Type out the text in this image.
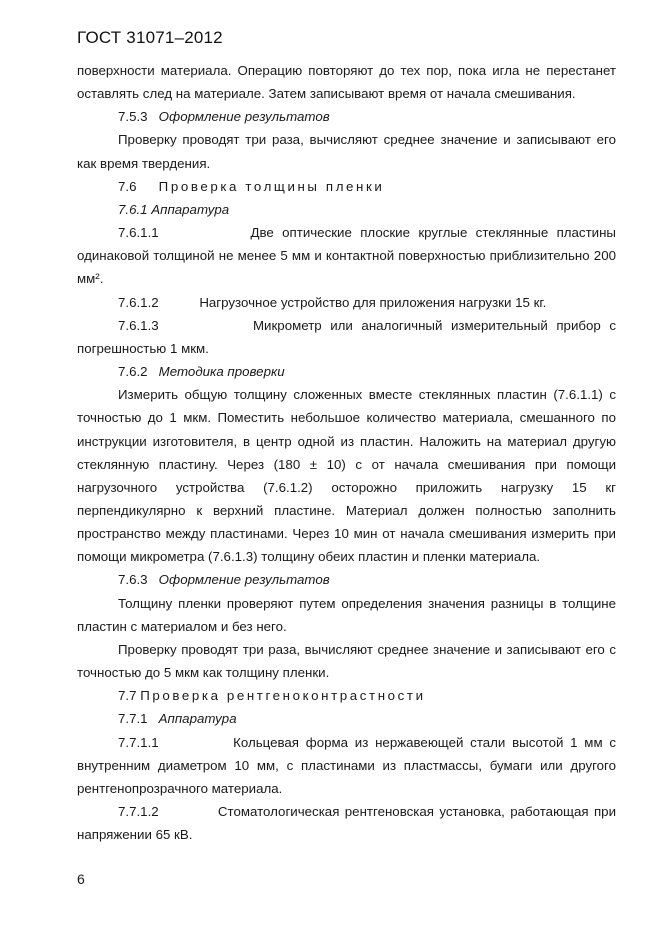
ГОСТ 31071–2012

поверхности материала. Операцию повторяют до тех пор, пока игла не перестанет оставлять след на материале. Затем записывают время от начала смешивания.

7.5.3 Оформление результатов

Проверку проводят три раза, вычисляют среднее значение и записывают его как время твердения.

7.6 Проверка толщины пленки

7.6.1 Аппаратура

7.6.1.1	Две оптические плоские круглые стеклянные пластины одинаковой толщиной не менее 5 мм и контактной поверхностью приблизительно 200 мм².

7.6.1.2	Нагрузочное устройство для приложения нагрузки 15 кг.

7.6.1.3	Микрометр или аналогичный измерительный прибор с погрешностью 1 мкм.

7.6.2 Методика проверки

Измерить общую толщину сложенных вместе стеклянных пластин (7.6.1.1) с точностью до 1 мкм. Поместить небольшое количество материала, смешанного по инструкции изготовителя, в центр одной из пластин. Наложить на материал другую стеклянную пластину. Через (180 ± 10) с от начала смешивания при помощи нагрузочного устройства (7.6.1.2) осторожно приложить нагрузку 15 кг перпендикулярно к верхний пластине. Материал должен полностью заполнить пространство между пластинами. Через 10 мин от начала смешивания измерить при помощи микрометра (7.6.1.3) толщину обеих пластин и пленки материала.

7.6.3 Оформление результатов

Толщину пленки проверяют путем определения значения разницы в толщине пластин с материалом и без него.

Проверку проводят три раза, вычисляют среднее значение и записывают его с точностью до 5 мкм как толщину пленки.

7.7 Проверка рентгеноконтрастности

7.7.1 Аппаратура

7.7.1.1	Кольцевая форма из нержавеющей стали высотой 1 мм с внутренним диаметром 10 мм, с пластинами из пластмассы, бумаги или другого рентгенопрозрачного материала.

7.7.1.2	Стоматологическая рентгеновская установка, работающая при напряжении 65 кВ.

6
